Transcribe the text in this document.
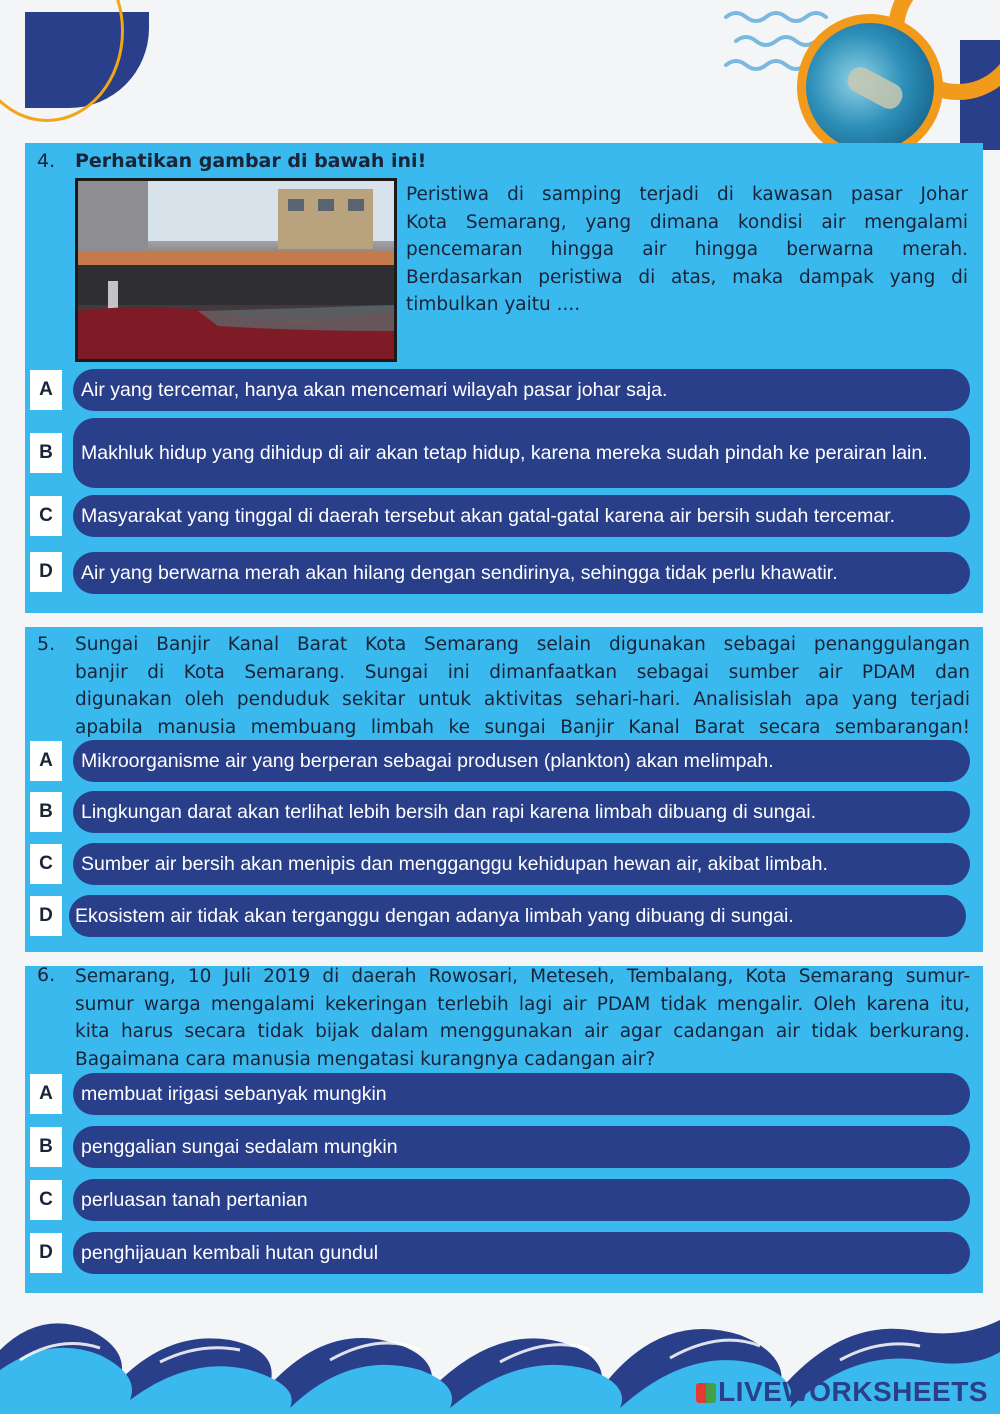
4. Perhatikan gambar di bawah ini!
Peristiwa di samping terjadi di kawasan pasar Johar
Kota Semarang, yang dimana kondisi air mengalami
pencemaran hingga air hingga berwarna merah.
Berdasarkan peristiwa di atas, maka dampak yang di
timbulkan yaitu ....
A	Air yang tercemar, hanya akan mencemari wilayah pasar johar saja.
B	Makhluk hidup yang dihidup di air akan tetap hidup, karena mereka sudah pindah ke perairan lain.
C	Masyarakat yang tinggal di daerah tersebut akan gatal-gatal karena air bersih sudah tercemar.
D	Air yang berwarna merah akan hilang dengan sendirinya, sehingga tidak perlu khawatir.
5. Sungai Banjir Kanal Barat Kota Semarang selain digunakan sebagai penanggulangan
banjir di Kota Semarang. Sungai ini dimanfaatkan sebagai sumber air PDAM dan
digunakan oleh penduduk sekitar untuk aktivitas sehari-hari. Analisislah apa yang terjadi
apabila manusia membuang limbah ke sungai Banjir Kanal Barat secara sembarangan!
A	Mikroorganisme air yang berperan sebagai produsen (plankton) akan melimpah.
B	Lingkungan darat akan terlihat lebih bersih dan rapi karena limbah dibuang di sungai.
C	Sumber air bersih akan menipis dan mengganggu kehidupan hewan air, akibat limbah.
D	Ekosistem air tidak akan terganggu dengan adanya limbah yang dibuang di sungai.
6. Semarang, 10 Juli 2019 di daerah Rowosari, Meteseh, Tembalang, Kota Semarang sumur-
sumur warga mengalami kekeringan terlebih lagi air PDAM tidak mengalir. Oleh karena itu,
kita harus secara tidak bijak dalam menggunakan air agar cadangan air tidak berkurang.
Bagaimana cara manusia mengatasi kurangnya cadangan air?
A	membuat irigasi sebanyak mungkin
B	penggalian sungai sedalam mungkin
C	perluasan tanah pertanian
D	penghijauan kembali hutan gundul
LIVEWORKSHEETS
